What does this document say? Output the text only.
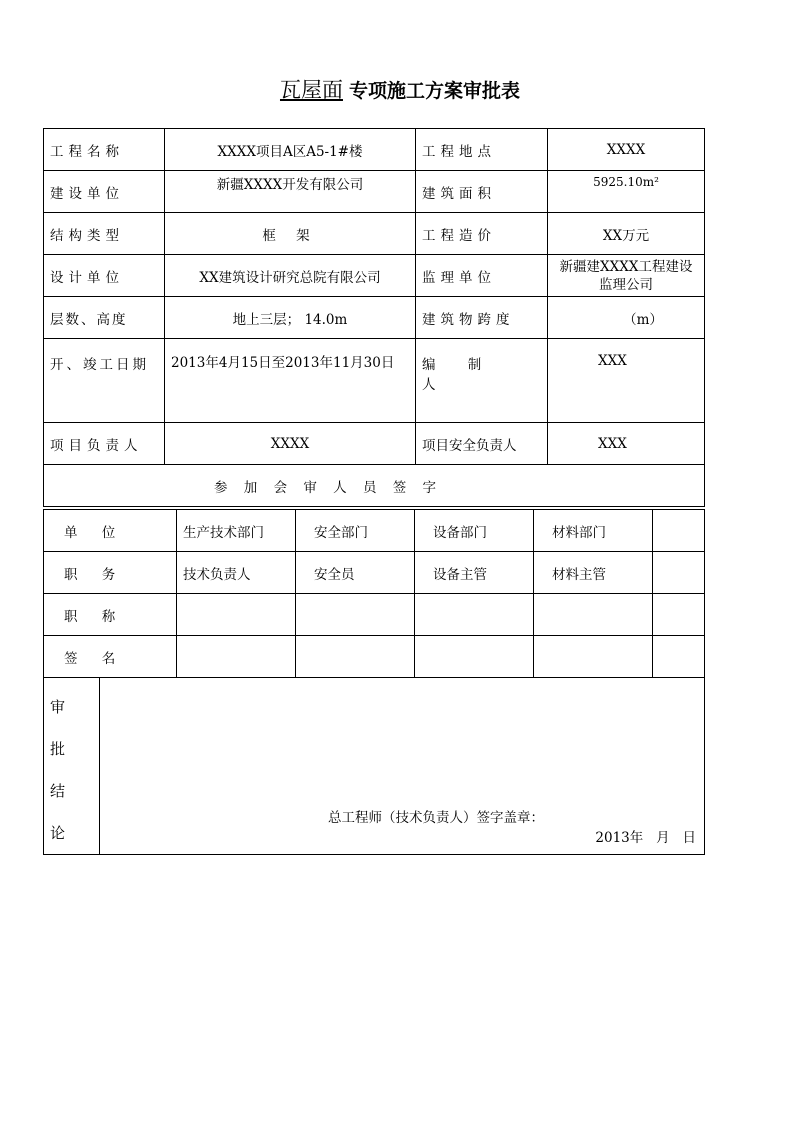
瓦屋面 专项施工方案审批表
工程名称	XXXX项目A区A5-1#楼	工程地点	XXXX
建设单位	新疆XXXX开发有限公司	建筑面积	5925.10m²
结构类型	框 架	工程造价	XX万元
设计单位	XX建筑设计研究总院有限公司	监理单位	新疆建XXXX工程建设监理公司
层数、高度	地上三层； 14.0m	建筑物跨度	（m）
开、竣工日期	2013年4月15日至2013年11月30日	编 制 人	XXX
项目负责人	XXXX	项目安全负责人	XXX
参 加 会 审 人 员 签 字			
单 位	生产技术部门	安全部门	设备部门	材料部门	
职 务	技术负责人	安全员	设备主管	材料主管	
职 称					
签 名					
审
批
结
论

总工程师（技术负责人）签字盖章：
2013年   月   日
